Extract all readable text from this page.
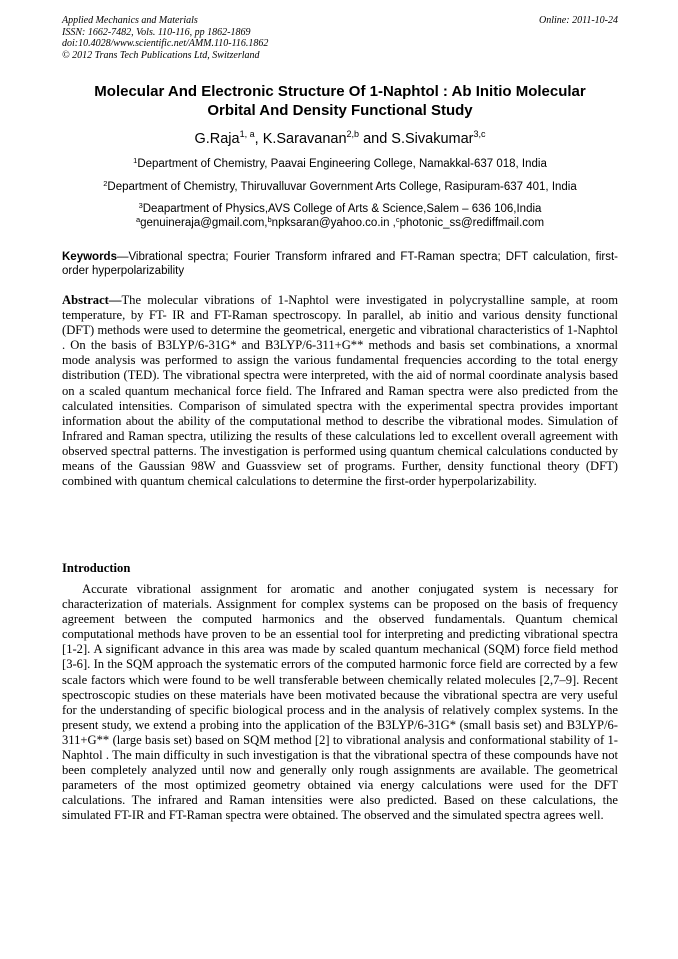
Applied Mechanics and Materials
ISSN: 1662-7482, Vols. 110-116, pp 1862-1869
doi:10.4028/www.scientific.net/AMM.110-116.1862
© 2012 Trans Tech Publications Ltd, Switzerland
Online: 2011-10-24
Molecular And Electronic Structure Of 1-Naphtol : Ab Initio Molecular
Orbital And Density Functional Study
G.Raja$^{1, a}$, K.Saravanan$^{2,b}$ and S.Sivakumar$^{3,c}$
$^1$Department of Chemistry, Paavai Engineering College, Namakkal-637 018, India
$^2$Department of Chemistry, Thiruvalluvar Government Arts College, Rasipuram-637 401, India
$^3$Deapartment of Physics,AVS College of Arts & Science,Salem – 636 106,India
$^a$genuineraja@gmail.com,$^b$npksaran@yahoo.co.in ,$^c$photonic_ss@rediffmail.com
Keywords—Vibrational spectra; Fourier Transform infrared and FT-Raman spectra; DFT calculation, first-order hyperpolarizability
Abstract—The molecular vibrations of 1-Naphtol were investigated in polycrystalline sample, at room temperature, by FT- IR and FT-Raman spectroscopy. In parallel, ab initio and various density functional (DFT) methods were used to determine the geometrical, energetic and vibrational characteristics of 1-Naphtol . On the basis of B3LYP/6-31G* and B3LYP/6-311+G** methods and basis set combinations, a xnormal mode analysis was performed to assign the various fundamental frequencies according to the total energy distribution (TED). The vibrational spectra were interpreted, with the aid of normal coordinate analysis based on a scaled quantum mechanical force field. The Infrared and Raman spectra were also predicted from the calculated intensities. Comparison of simulated spectra with the experimental spectra provides important information about the ability of the computational method to describe the vibrational modes. Simulation of Infrared and Raman spectra, utilizing the results of these calculations led to excellent overall agreement with observed spectral patterns. The investigation is performed using quantum chemical calculations conducted by means of the Gaussian 98W and Guassview set of programs. Further, density functional theory (DFT) combined with quantum chemical calculations to determine the first-order hyperpolarizability.
Introduction
Accurate vibrational assignment for aromatic and another conjugated system is necessary for characterization of materials. Assignment for complex systems can be proposed on the basis of frequency agreement between the computed harmonics and the observed fundamentals. Quantum chemical computational methods have proven to be an essential tool for interpreting and predicting vibrational spectra [1-2]. A significant advance in this area was made by scaled quantum mechanical (SQM) force field method [3-6]. In the SQM approach the systematic errors of the computed harmonic force field are corrected by a few scale factors which were found to be well transferable between chemically related molecules [2,7–9]. Recent spectroscopic studies on these materials have been motivated because the vibrational spectra are very useful for the understanding of specific biological process and in the analysis of relatively complex systems. In the present study, we extend a probing into the application of the B3LYP/6-31G* (small basis set) and B3LYP/6-311+G** (large basis set) based on SQM method [2] to vibrational analysis and conformational stability of 1-Naphtol . The main difficulty in such investigation is that the vibrational spectra of these compounds have not been completely analyzed until now and generally only rough assignments are available. The geometrical parameters of the most optimized geometry obtained via energy calculations were used for the DFT calculations. The infrared and Raman intensities were also predicted. Based on these calculations, the simulated FT-IR and FT-Raman spectra were obtained. The observed and the simulated spectra agrees well.
